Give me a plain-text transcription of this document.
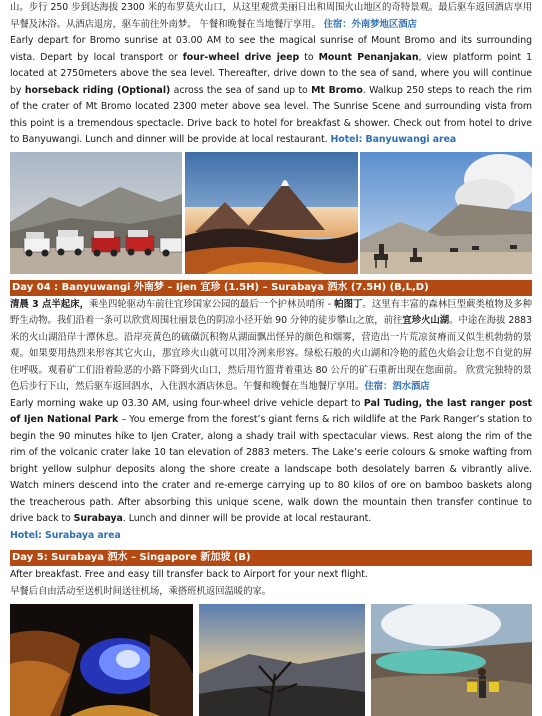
山。步行 250 步到达海拔 2300 米的布罗莫火山口，从这里观赏美丽日出和周围火山地区的奇特景观。最后驱车返回酒店享用早餐及沐浴。从酒店退房，驱车前往外南梦。 午餐和晚餐在当地餐厅享用。 住宿：外南梦地区酒店

Early depart for Bromo sunrise at 03.00 AM to see the magical sunrise of Mount Bromo and its surrounding vista. Depart by local transport or four-wheel drive jeep to Mount Penanjakan, view platform point 1 located at 2750meters above the sea level. Thereafter, drive down to the sea of sand, where you will continue by horseback riding (Optional) across the sea of sand up to Mt Bromo. Walkup 250 steps to reach the rim of the crater of Mt Bromo located 2300 meter above sea level. The Sunrise Scene and surrounding vista from this point is a tremendous spectacle. Drive back to hotel for breakfast & shower. Check out from hotel to drive to Banyuwangi. Lunch and dinner will be provide at local restaurant. Hotel: Banyuwangi area

Day 04 : Banyuwangi 外南梦 – Ijen 宜珍 (1.5H) – Surabaya 泗水 (7.5H) (B,L,D)

清晨 3 点半起床，乘坐四轮驱动车前往宜珍国家公园的最后一个护林员哨所 - 帕图丁。这里有丰富的森林巨型蕨类植物及多种野生动物。我们沿着一条可以欣赏周围壮丽景色的阴凉小径开始 90 分钟的徒步攀山之旅，前往宜珍火山湖。中途在海拔 2883 米的火山湖沿岸十潭休息。沿岸亮黄色的硫磺沉积物从湖面飘出怪异的颜色和烟雾，营造出一片荒凉贫瘠而又似生机勃勃的景观。如果要用热烈来形容其它火山，那宜珍火山就可以用冷冽来形容。绿松石般的火山湖和冷艳的蓝色火焰会让您不自觉的屏住呼吸。观看矿工们沿着险恶的小路下降到火山口，然后用竹篮背着重达 80 公斤的矿石重新出现在您面前。 欣赏完独特的景色后步行下山，然后驱车返回泗水，入住泗水酒店休息。午餐和晚餐在当地餐厅享用。住宿：泗水酒店

Early morning wake up 03.30 AM, using four-wheel drive vehicle depart to Pal Tuding, the last ranger post of Ijen National Park – You emerge from the forest’s giant ferns & rich wildlife at the Park Ranger’s station to begin the 90 minutes hike to Ijen Crater, along a shady trail with spectacular views. Rest along the rim of the rim of the volcanic crater lake 10 tan elevation of 2883 meters. The Lake’s eerie colours & smoke wafting from bright yellow sulphur deposits along the shore create a landscape both desolately barren & vibrantly alive. Watch miners descend into the crater and re-emerge carrying up to 80 kilos of ore on bamboo baskets along the treacherous path. After absorbing this unique scene, walk down the mountain then transfer continue to drive back to Surabaya. Lunch and dinner will be provide at local restaurant.

Hotel: Surabaya area

Day 5: Surabaya 泗水 – Singapore 新加坡 (B)

After breakfast. Free and easy till transfer back to Airport for your next flight.

早餐后自由活动至送机时间送往机场，乘搭班机返回温暖的家。
